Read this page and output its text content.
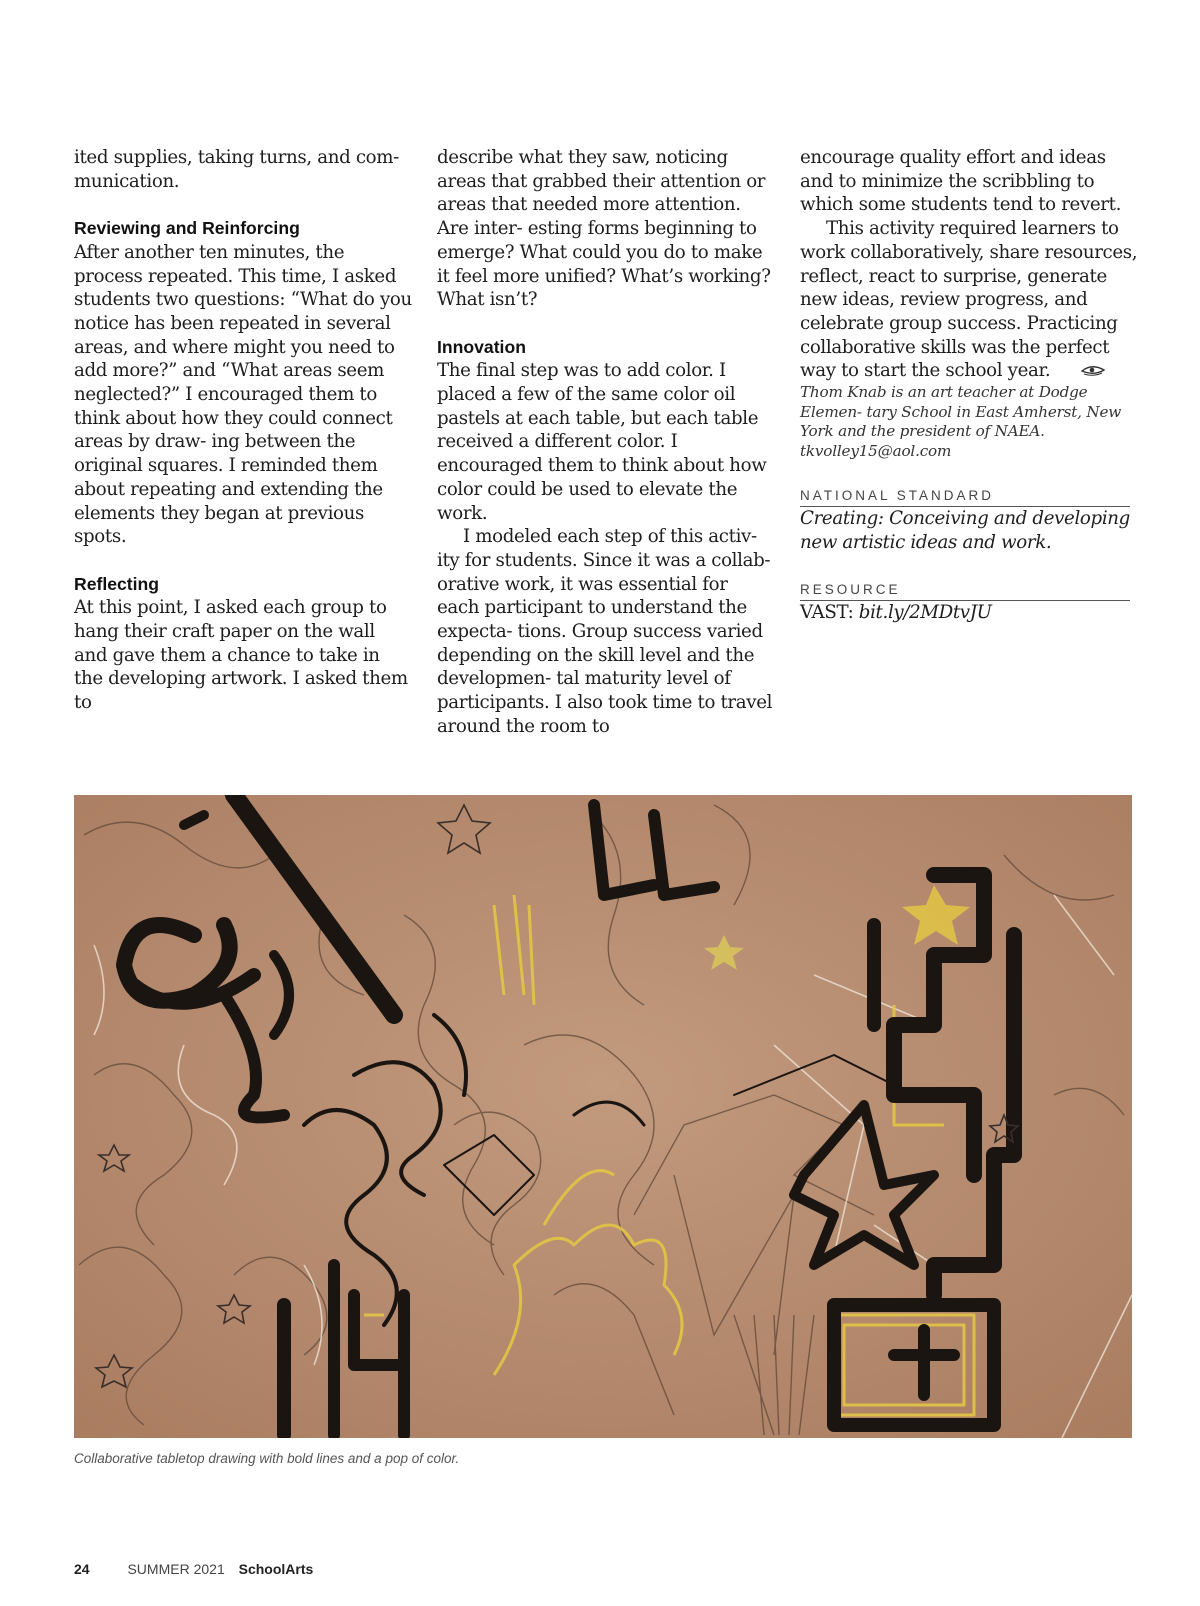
ited supplies, taking turns, and com- munication.

Reviewing and Reinforcing

After another ten minutes, the process repeated. This time, I asked students two questions: “What do you notice has been repeated in several areas, and where might you need to add more?” and “What areas seem neglected?” I encouraged them to think about how they could connect areas by draw- ing between the original squares. I reminded them about repeating and extending the elements they began at previous spots.

Reflecting

At this point, I asked each group to hang their craft paper on the wall and gave them a chance to take in the developing artwork. I asked them to

describe what they saw, noticing areas that grabbed their attention or areas that needed more attention. Are inter- esting forms beginning to emerge? What could you do to make it feel more unified? What’s working? What isn’t?

Innovation

The final step was to add color. I placed a few of the same color oil pastels at each table, but each table received a different color. I encouraged them to think about how color could be used to elevate the work.

I modeled each step of this activ- ity for students. Since it was a collab- orative work, it was essential for each participant to understand the expecta- tions. Group success varied depending on the skill level and the developmen- tal maturity level of participants. I also took time to travel around the room to

encourage quality effort and ideas and to minimize the scribbling to which some students tend to revert.

This activity required learners to work collaboratively, share resources, reflect, react to surprise, generate new ideas, review progress, and celebrate group success. Practicing collaborative skills was the perfect way to start the school year.

Thom Knab is an art teacher at Dodge Elemen- tary School in East Amherst, New York and the president of NAEA. tkvolley15@aol.com

NATIONAL STANDARD

Creating: Conceiving and developing new artistic ideas and work.

RESOURCE

VAST: bit.ly/2MDtvJU

Collaborative tabletop drawing with bold lines and a pop of color.
24	SUMMER 2021 SchoolArts
